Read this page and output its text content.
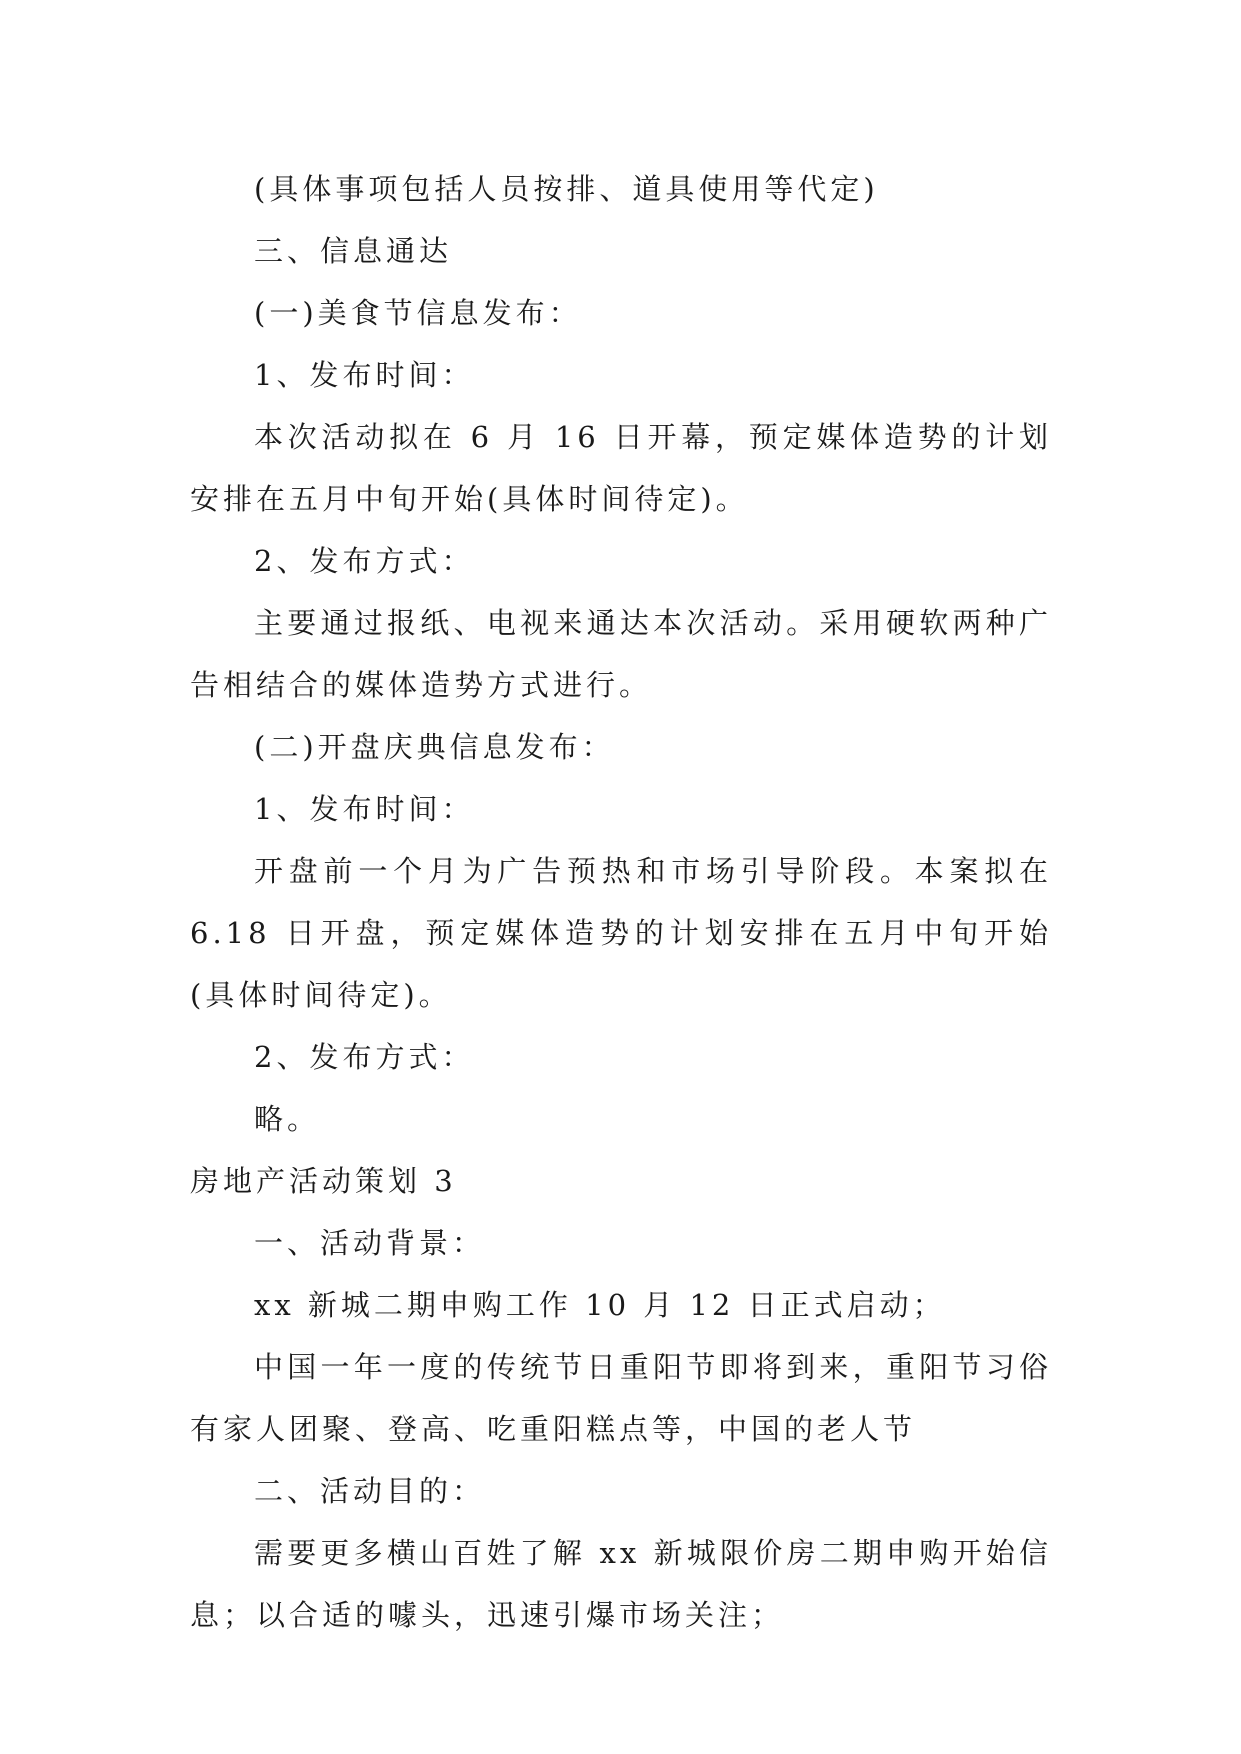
(具体事项包括人员按排、道具使用等代定)

三、信息通达

(一)美食节信息发布：

1、发布时间：

本次活动拟在 6 月 16 日开幕，预定媒体造势的计划安排在五月中旬开始(具体时间待定)。

2、发布方式：

主要通过报纸、电视来通达本次活动。采用硬软两种广告相结合的媒体造势方式进行。

(二)开盘庆典信息发布：

1、发布时间：

开盘前一个月为广告预热和市场引导阶段。本案拟在 6.18 日开盘，预定媒体造势的计划安排在五月中旬开始(具体时间待定)。

2、发布方式：

略。

房地产活动策划 3

一、活动背景：

xx 新城二期申购工作 10 月 12 日正式启动；

中国一年一度的传统节日重阳节即将到来，重阳节习俗有家人团聚、登高、吃重阳糕点等，中国的老人节

二、活动目的：

需要更多横山百姓了解 xx 新城限价房二期申购开始信息；以合适的噱头，迅速引爆市场关注；
